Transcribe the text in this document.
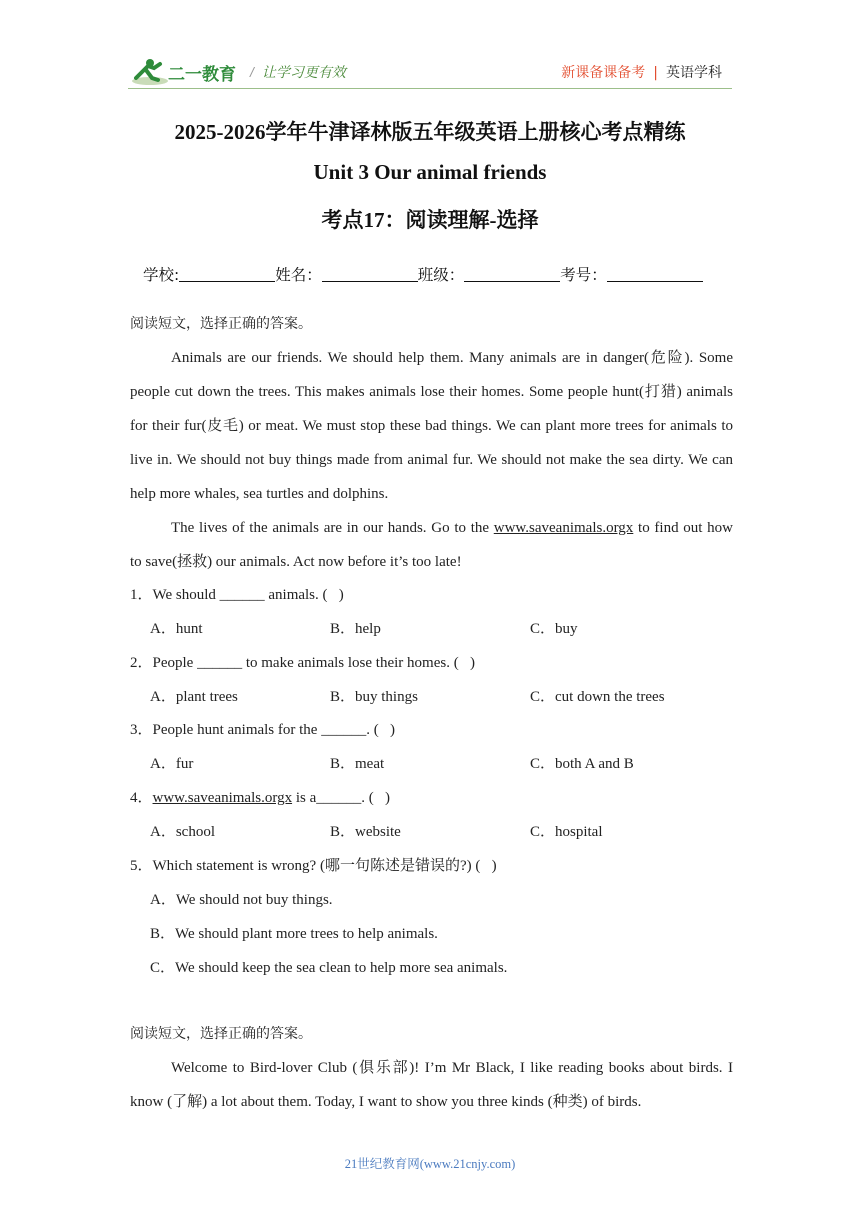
二一教育 / 让学习更有效	新课备课备考 | 英语学科
2025-2026学年牛津译林版五年级英语上册核心考点精练
Unit 3 Our animal friends
考点17：阅读理解-选择
学校:	姓名：	班级：	考号：
阅读短文，选择正确的答案。
Animals are our friends. We should help them. Many animals are in danger(危险). Some
people cut down the trees. This makes animals lose their homes. Some people hunt(打猎) animals
for their fur(皮毛) or meat. We must stop these bad things. We can plant more trees for animals to
live in. We should not buy things made from animal fur. We should not make the sea dirty. We can
help more whales, sea turtles and dolphins.
The lives of the animals are in our hands. Go to the www.saveanimals.orgx to find out how
to save(拯救) our animals. Act now before it’s too late!
1．We should ______ animals. (   )
A．hunt	B．help	C．buy
2．People ______ to make animals lose their homes. (   )
A．plant trees	B．buy things	C．cut down the trees
3．People hunt animals for the ______. (   )
A．fur	B．meat	C．both A and B
4．www.saveanimals.orgx is a______. (   )
A．school	B．website	C．hospital
5．Which statement is wrong? (哪一句陈述是错误的?) (   )
A．We should not buy things.
B．We should plant more trees to help animals.
C．We should keep the sea clean to help more sea animals.
阅读短文，选择正确的答案。
Welcome to Bird-lover Club (俱乐部)! I’m Mr Black, I like reading books about birds. I
know (了解) a lot about them. Today, I want to show you three kinds (种类) of birds.
21世纪教育网(www.21cnjy.com)
